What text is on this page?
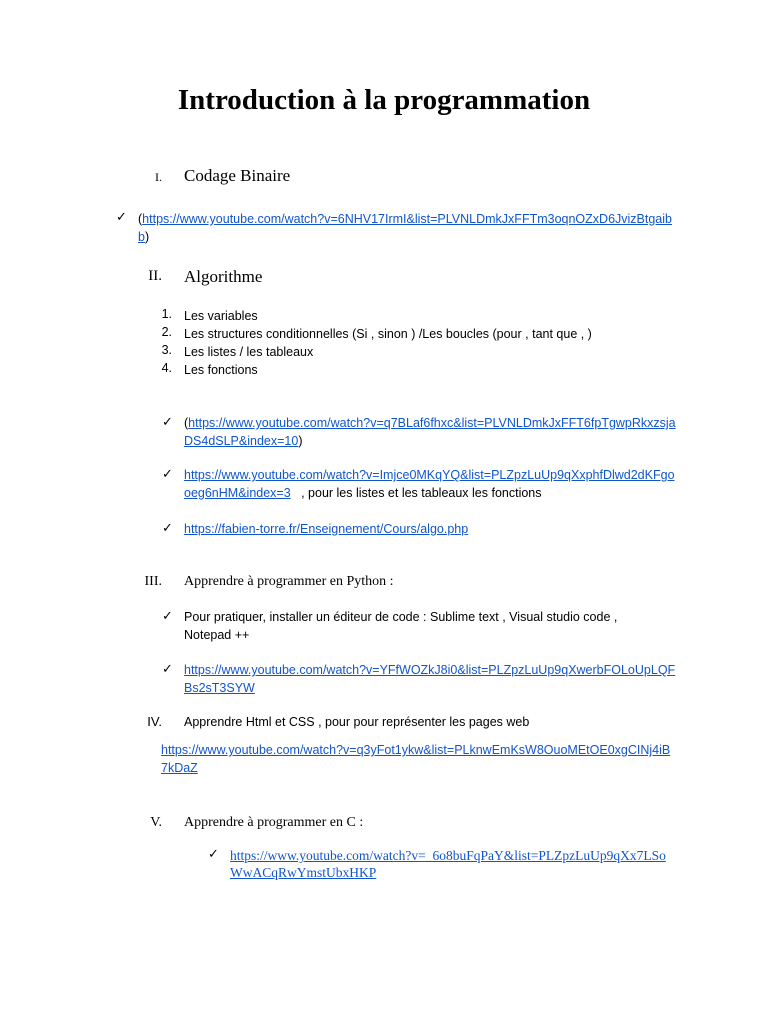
Introduction à la programmation
I. Codage Binaire
✓ (https://www.youtube.com/watch?v=6NHV17IrmI&list=PLVNLDmkJxFFTm3oqnOZxD6JvizBtgaibb)
II. Algorithme
1. Les variables
2. Les structures conditionnelles (Si , sinon ) /Les boucles (pour , tant que , )
3. Les listes / les tableaux
4. Les fonctions
✓ (https://www.youtube.com/watch?v=q7BLaf6fhxc&list=PLVNLDmkJxFFT6fpTgwpRkxzsjaDS4dSLP&index=10)
✓ https://www.youtube.com/watch?v=Imjce0MKqYQ&list=PLZpzLuUp9qXxphfDlwd2dKFgooeg6nHM&index=3 , pour les listes et les tableaux les fonctions
✓ https://fabien-torre.fr/Enseignement/Cours/algo.php
III. Apprendre à programmer en Python :
✓ Pour pratiquer, installer un éditeur de code : Sublime text , Visual studio code , Notepad ++
✓ https://www.youtube.com/watch?v=YFfWOZkJ8i0&list=PLZpzLuUp9qXwerbFOLoUpLQFBs2sT3SYW
IV. Apprendre Html et CSS , pour pour représenter les pages web
https://www.youtube.com/watch?v=q3yFot1ykw&list=PLknwEmKsW8OuoMEtOE0xgCINj4iB7kDaZ
V. Apprendre à programmer en C :
✓ https://www.youtube.com/watch?v=_6o8buFqPaY&list=PLZpzLuUp9qXx7LSoWwACqRwYmstUbxHKP
